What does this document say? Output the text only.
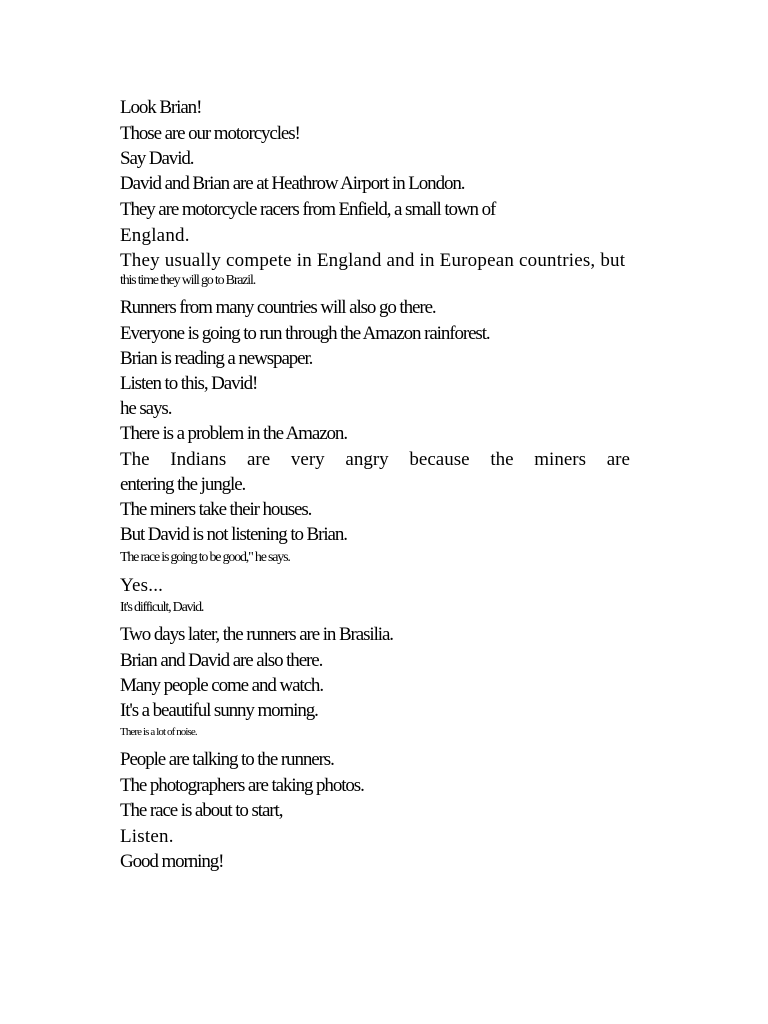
Look Brian!

Those are our motorcycles!

Say David.

David and Brian are at Heathrow Airport in London.

They are motorcycle racers from Enfield, a small town of

England.

They usually compete in England and in European countries, but

this time they will go to Brazil.

Runners from many countries will also go there.

Everyone is going to run through the Amazon rainforest.

Brian is reading a newspaper.

Listen to this, David!

he says.

There is a problem in the Amazon.

The Indians are very angry because the miners are

entering the jungle.

The miners take their houses.

But David is not listening to Brian.

The race is going to be good," he says.

Yes...

It's difficult, David.

Two days later, the runners are in Brasilia.

Brian and David are also there.

Many people come and watch.

It's a beautiful sunny morning.

There is a lot of noise.

People are talking to the runners.

The photographers are taking photos.

The race is about to start,

Listen.

Good morning!
